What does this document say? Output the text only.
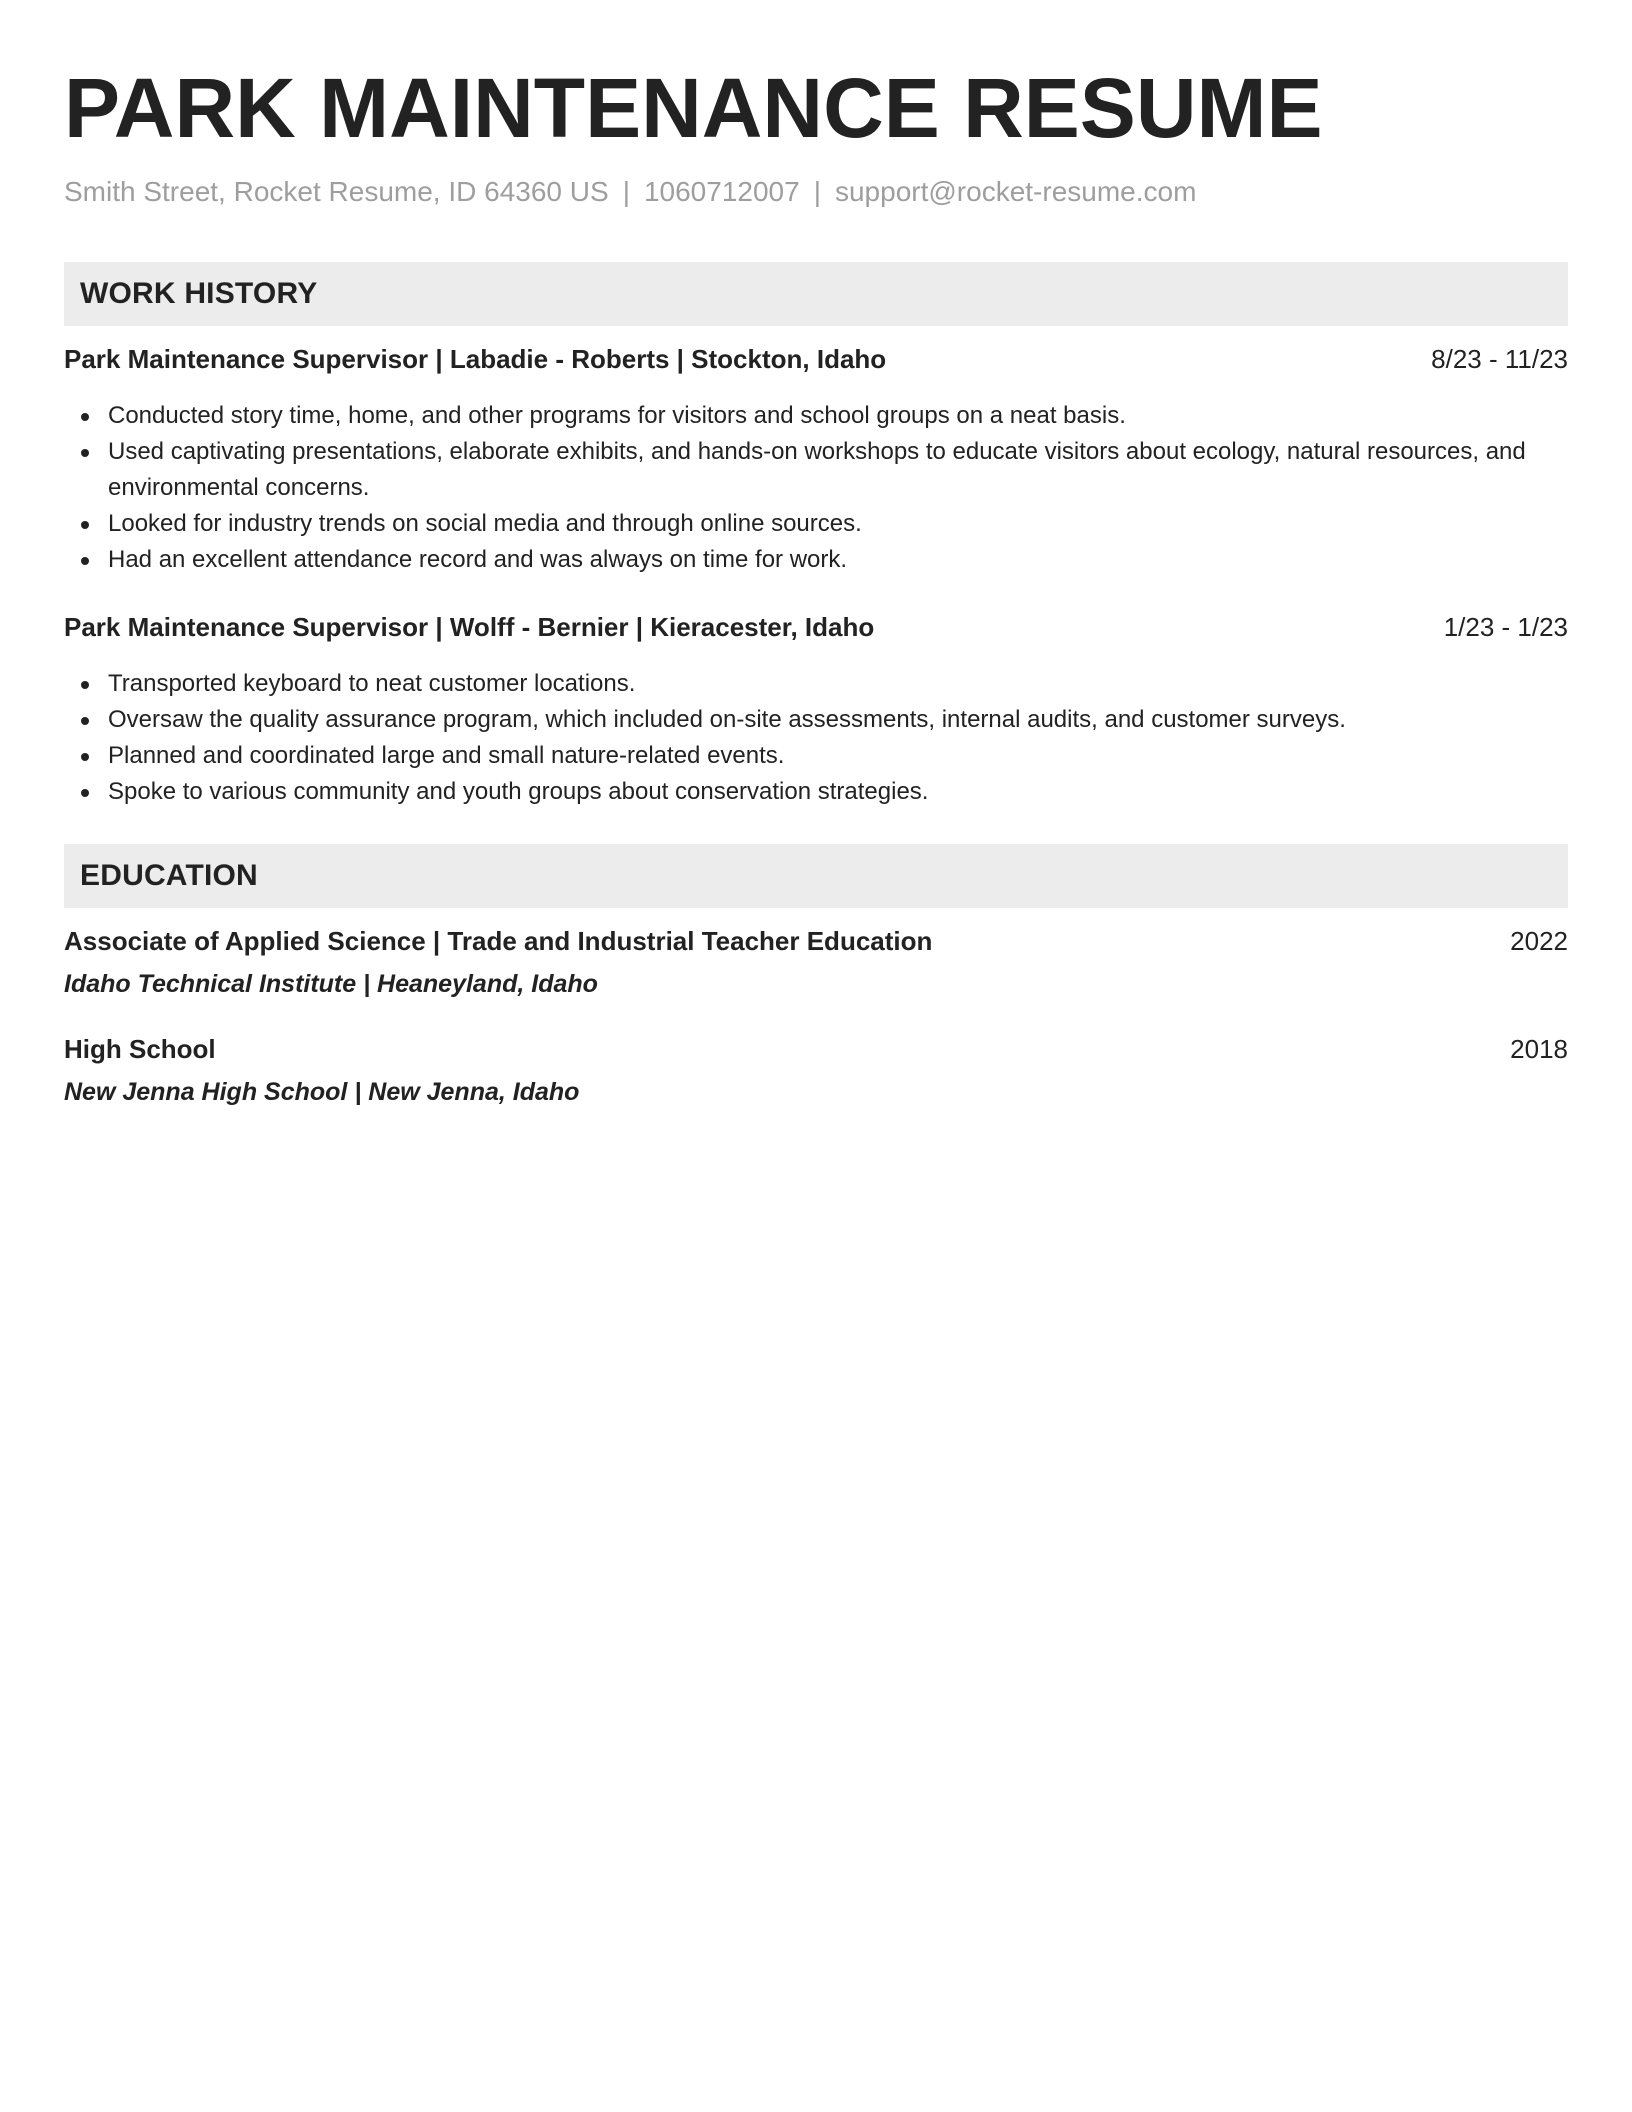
PARK MAINTENANCE RESUME
Smith Street, Rocket Resume, ID 64360 US | 1060712007 | support@rocket-resume.com
WORK HISTORY
Park Maintenance Supervisor | Labadie - Roberts | Stockton, Idaho	8/23 - 11/23
Conducted story time, home, and other programs for visitors and school groups on a neat basis.
Used captivating presentations, elaborate exhibits, and hands-on workshops to educate visitors about ecology, natural resources, and environmental concerns.
Looked for industry trends on social media and through online sources.
Had an excellent attendance record and was always on time for work.
Park Maintenance Supervisor | Wolff - Bernier | Kieracester, Idaho	1/23 - 1/23
Transported keyboard to neat customer locations.
Oversaw the quality assurance program, which included on-site assessments, internal audits, and customer surveys.
Planned and coordinated large and small nature-related events.
Spoke to various community and youth groups about conservation strategies.
EDUCATION
Associate of Applied Science | Trade and Industrial Teacher Education	2022
Idaho Technical Institute | Heaneyland, Idaho
High School	2018
New Jenna High School | New Jenna, Idaho
